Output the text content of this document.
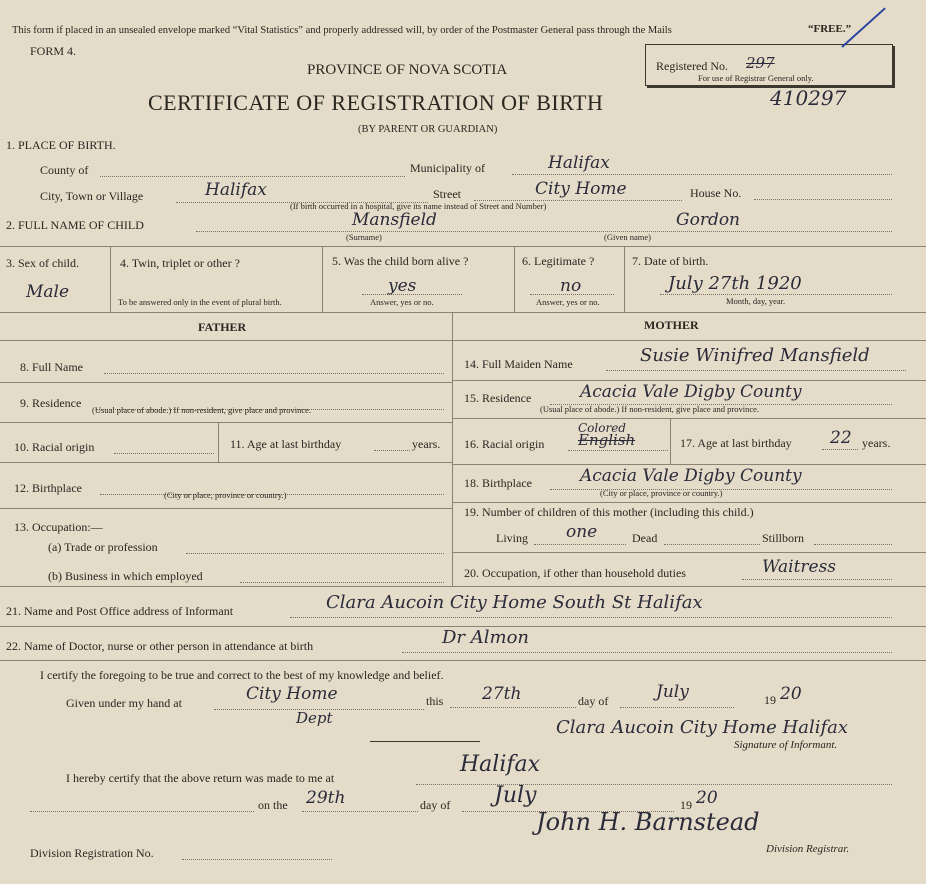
This form if placed in an unsealed envelope marked “Vital Statistics” and properly addressed will, by order of the Postmaster General pass through the Mails	“FREE.”
FORM 4.
PROVINCE OF NOVA SCOTIA	Registered No. 297
For use of Registrar General only.
CERTIFICATE OF REGISTRATION OF BIRTH	410297
(BY PARENT OR GUARDIAN)
1. PLACE OF BIRTH.
County of	Municipality of	Halifax
City, Town or Village	Halifax	Street	City Home	House No.
(If birth occurred in a hospital, give its name instead of Street and Number)
2. FULL NAME OF CHILD	Mansfield
(Surname)
Gordon
(Given name)
3. Sex of child.
Male
4. Twin, triplet or other ?
To be answered only in the event of plural birth.
5. Was the child born alive ?
yes
Answer, yes or no.
6. Legitimate ?
no
Answer, yes or no.
7. Date of birth.
July 27th 1920
Month, day, year.
FATHER	MOTHER
8. Full Name
9. Residence (Usual place of abode.) If non-resident, give place and province.
10. Racial origin	11. Age at last birthday	years.
12. Birthplace	(City or place, province or country.)
13. Occupation:—
(a) Trade or profession
(b) Business in which employed
14. Full Maiden Name	Susie Winifred Mansfield
15. Residence	Acacia Vale Digby County
(Usual place of abode.) If non-resident, give place and province.
16. Racial origin
Colored
English	17. Age at last birthday 22 years.
18. Birthplace	Acacia Vale Digby County
(City or place, province or country.)
19. Number of children of this mother (including this child.)
Living one	Dead	Stillborn
20. Occupation, if other than household duties	Waitress
21. Name and Post Office address of Informant	Clara Aucoin City Home South St Halifax
22. Name of Doctor, nurse or other person in attendance at birth	Dr Almon
I certify the foregoing to be true and correct to the best of my knowledge and belief.
Given under my hand at	City Home	this 27th	day of	July	19 20
Dept	Clara Aucoin City Home Halifax
Signature of Informant.
I hereby certify that the above return was made to me at
Halifax
on the 29th	day of July	19 20
John H. Barnstead
Division Registrar.
Division Registration No.
